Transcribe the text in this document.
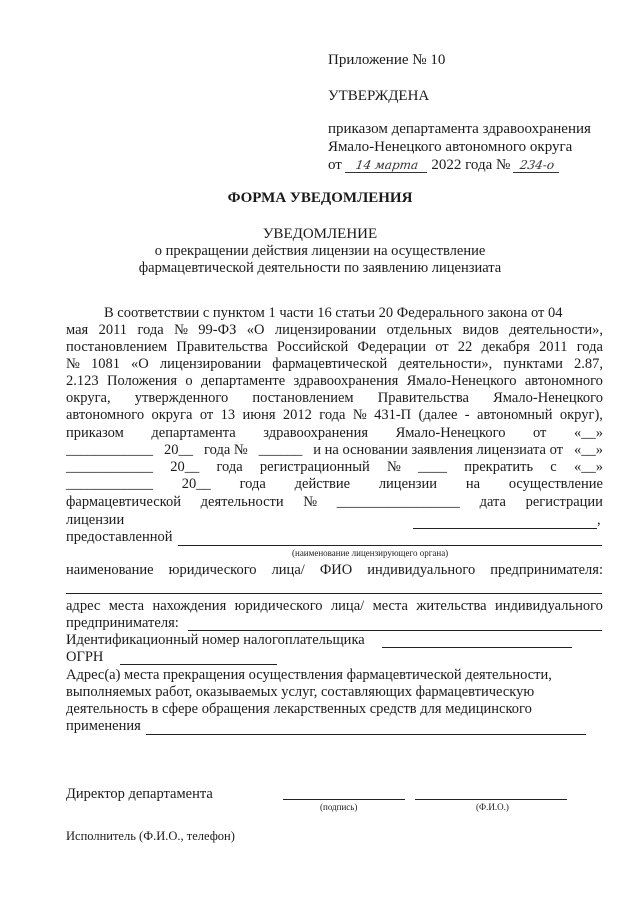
Приложение № 10
УТВЕРЖДЕНА
приказом департамента здравоохранения
Ямало-Ненецкого автономного округа
от 14 марта 2022 года № 234-о
ФОРМА УВЕДОМЛЕНИЯ
УВЕДОМЛЕНИЕ
о прекращении действия лицензии на осуществление
фармацевтической деятельности по заявлению лицензиата
В соответствии с пунктом 1 части 16 статьи 20 Федерального закона от 04
мая 2011 года № 99-ФЗ «О лицензировании отдельных видов деятельности»,
постановлением Правительства Российской Федерации от 22 декабря 2011 года
№ 1081 «О лицензировании фармацевтической деятельности», пунктами 2.87,
2.123 Положения о департаменте здравоохранения Ямало-Ненецкого автономного
округа, утвержденного постановлением Правительства Ямало-Ненецкого
автономного округа от 13 июня 2012 года № 431-П (далее - автономный округ),
приказом департамента здравоохранения Ямало-Ненецкого от «__»
____________ 20__ года № ______ и на основании заявления лицензиата от «__»
____________ 20__ года регистрационный № ____ прекратить с «__»
____________ 20__ года действие лицензии на осуществление
фармацевтической деятельности № _________________ дата регистрации
лицензии	,
предоставленной
(наименование лицензирующего органа)
наименование юридического лица/ ФИО индивидуального предпринимателя:
адрес места нахождения юридического лица/ места жительства индивидуального
предпринимателя:
Идентификационный номер налогоплательщика
ОГРН
Адрес(а) места прекращения осуществления фармацевтической деятельности,
выполняемых работ, оказываемых услуг, составляющих фармацевтическую
деятельность в сфере обращения лекарственных средств для медицинского
применения
Директор департамента
(подпись)	(Ф.И.О.)
Исполнитель (Ф.И.О., телефон)
